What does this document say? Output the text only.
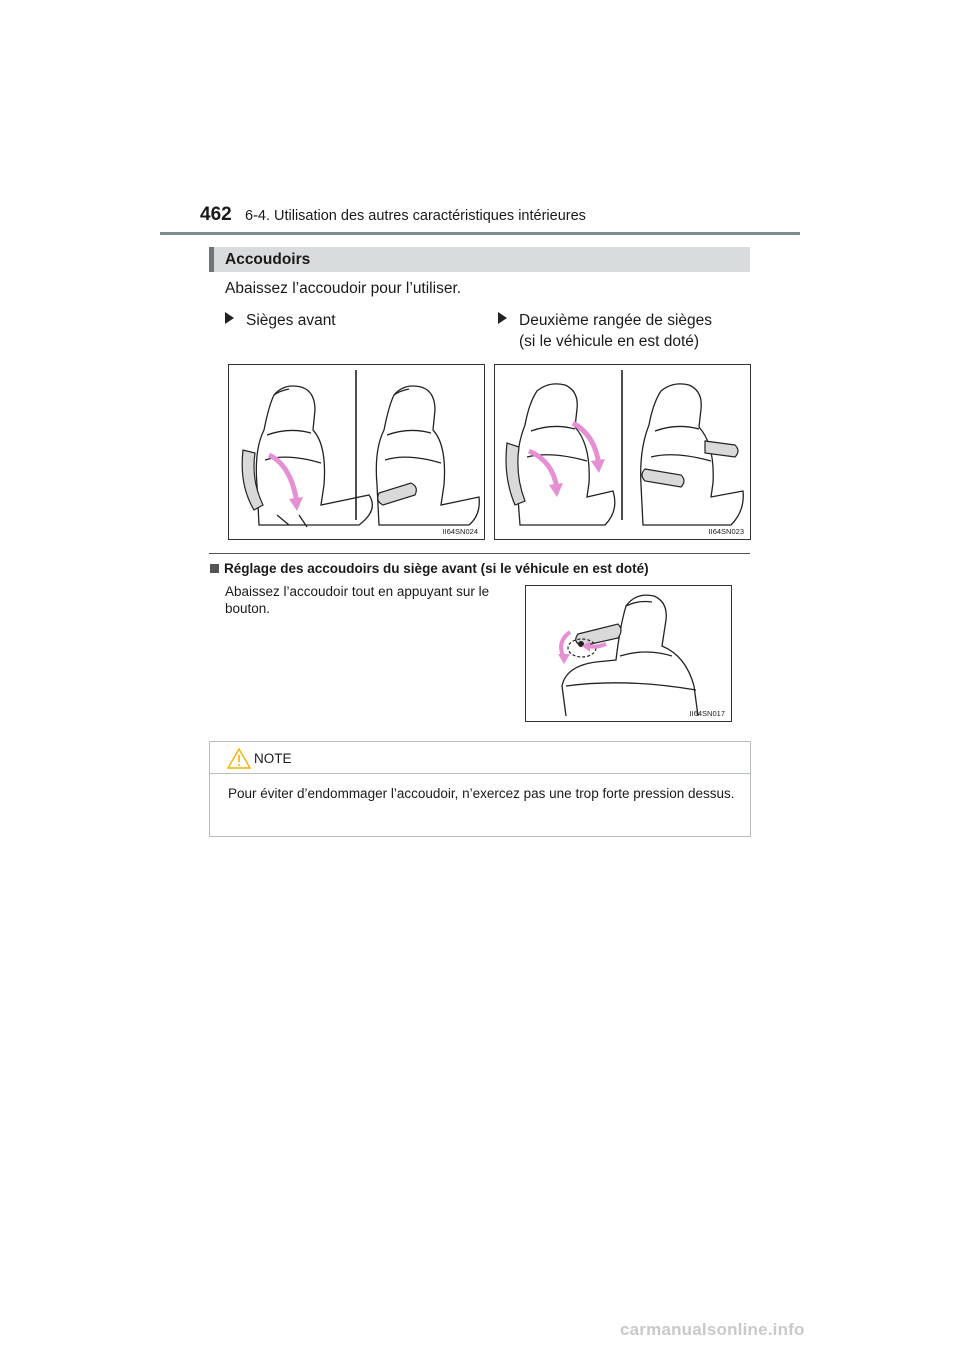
462 6-4. Utilisation des autres caractéristiques intérieures
Accoudoirs
Abaissez l’accoudoir pour l’utiliser.
Sièges avant	Deuxième rangée de sièges
(si le véhicule en est doté)
II64SN024	II64SN023
Réglage des accoudoirs du siège avant (si le véhicule en est doté)
Abaissez l’accoudoir tout en appuyant sur le bouton.
II64SN017
NOTE
Pour éviter d’endommager l’accoudoir, n’exercez pas une trop forte pression dessus.
carmanualsonline.info
